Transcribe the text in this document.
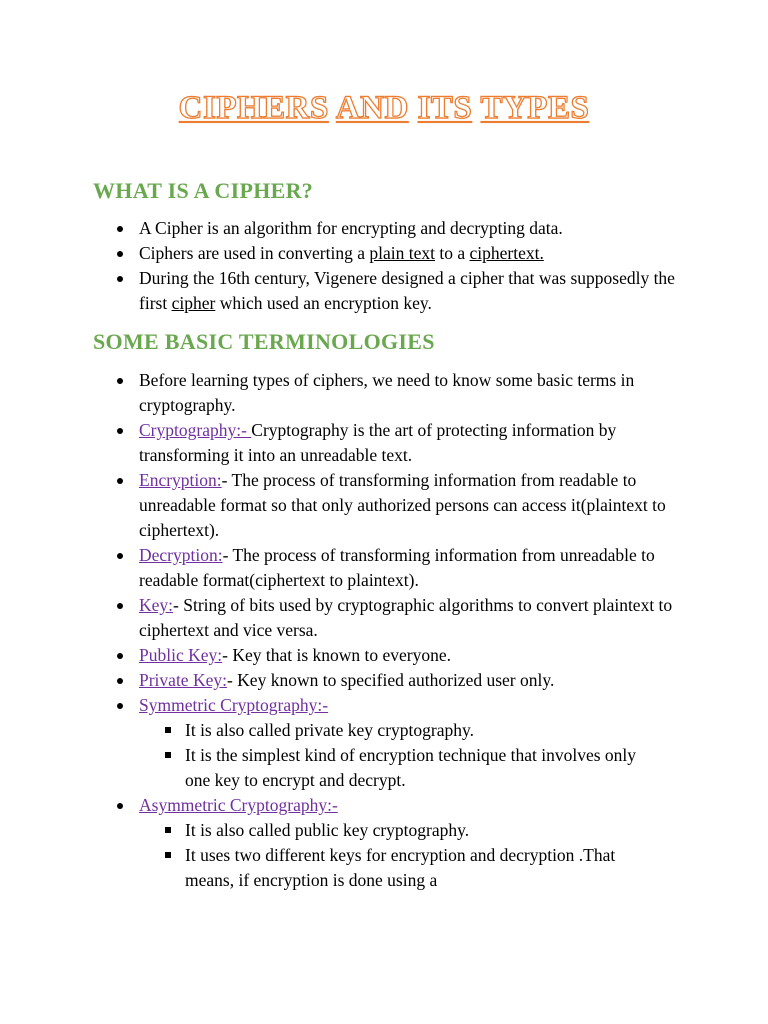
CIPHERS AND ITS TYPES
WHAT IS A CIPHER?
A Cipher is an algorithm for encrypting and decrypting data.
Ciphers are used in converting a plain text to a ciphertext.
During the 16th century, Vigenere designed a cipher that was supposedly the first cipher which used an encryption key.
SOME BASIC TERMINOLOGIES
Before learning types of ciphers, we need to know some basic terms in cryptography.
Cryptography:- Cryptography is the art of protecting information by transforming it into an unreadable text.
Encryption:- The process of transforming information from readable to unreadable format so that only authorized persons can access it(plaintext to ciphertext).
Decryption:- The process of transforming information from unreadable to readable format(ciphertext to plaintext).
Key:- String of bits used by cryptographic algorithms to convert plaintext to ciphertext and vice versa.
Public Key:- Key that is known to everyone.
Private Key:- Key known to specified authorized user only.
Symmetric Cryptography:-
It is also called private key cryptography.
It is the simplest kind of encryption technique that involves only one key to encrypt and decrypt.
Asymmetric Cryptography:-
It is also called public key cryptography.
It uses two different keys for encryption and decryption .That means, if encryption is done using a
